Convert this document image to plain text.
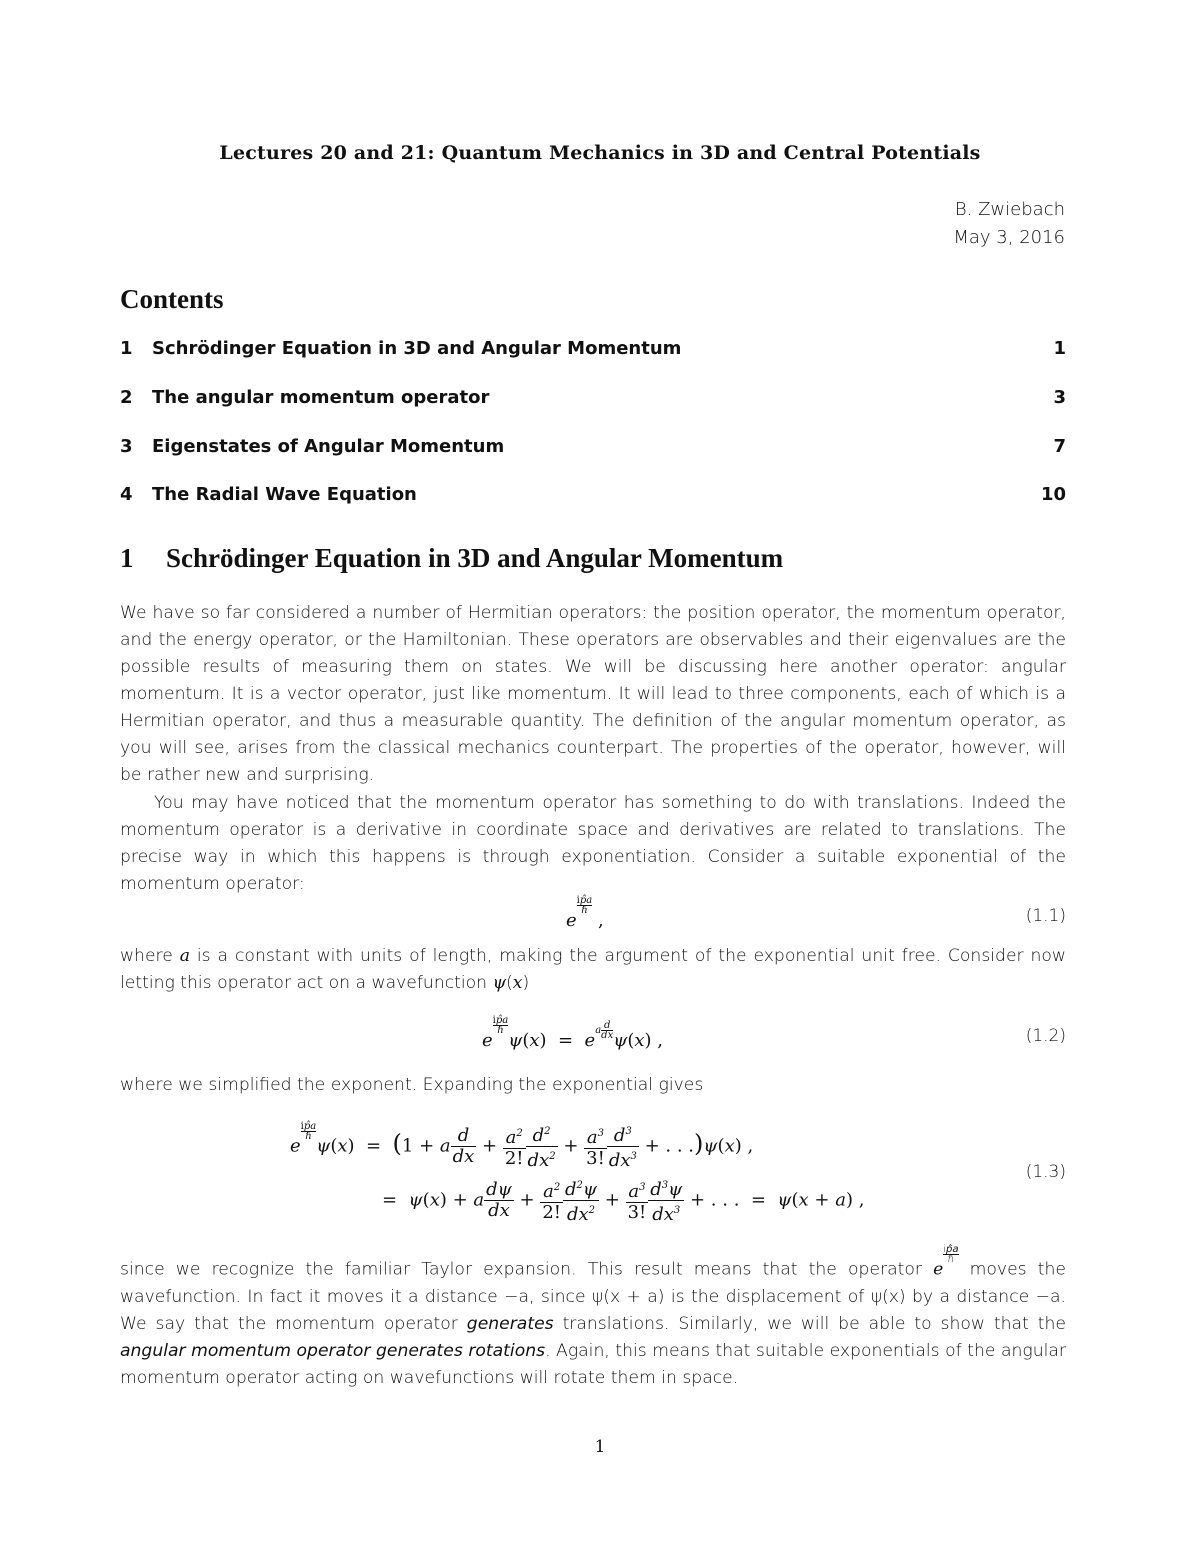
Lectures 20 and 21: Quantum Mechanics in 3D and Central Potentials
B. Zwiebach
May 3, 2016
Contents
1	Schrödinger Equation in 3D and Angular Momentum	1
2	The angular momentum operator	3
3	Eigenstates of Angular Momentum	7
4	The Radial Wave Equation	10
1 Schrödinger Equation in 3D and Angular Momentum
We have so far considered a number of Hermitian operators: the position operator, the momentum operator, and the energy operator, or the Hamiltonian. These operators are observables and their eigenvalues are the possible results of measuring them on states. We will be discussing here another operator: angular momentum. It is a vector operator, just like momentum. It will lead to three components, each of which is a Hermitian operator, and thus a measurable quantity. The definition of the angular momentum operator, as you will see, arises from the classical mechanics counterpart. The properties of the operator, however, will be rather new and surprising.
You may have noticed that the momentum operator has something to do with translations. Indeed the momentum operator is a derivative in coordinate space and derivatives are related to translations. The precise way in which this happens is through exponentiation. Consider a suitable exponential of the momentum operator:
e
$^{ip̂a \hbar}$ ,	(1.1)
where a is a constant with units of length, making the argument of the exponential unit free. Consider now letting this operator act on a wavefunction ψ(x)
e
$^{ip̂a \hbar}$ $\psi(x) = e^{a \frac{d}{dx}}$ ψ(x) ,	(1.2)
where we simplified the exponent. Expanding the exponential gives
e
$^{ip̂a \hbar}$ ψ(x)  =  (1 + a $\frac{d}{dx} + \frac{a^2}{2!} \frac{d^2}{dx^2} + \frac{a^3}{3!} \frac{d^3}{dx^3}$ + . . .)ψ(x) ,
=  ψ(x) + a $\frac{d\psi}{dx} + \frac{a^2}{2!} \frac{d^2\psi}{dx^2} + \frac{a^3}{3!} \frac{d^3\psi}{dx^3}$ + . . .  =  ψ(x + a) ,
(1.3)
since we recognize the familiar Taylor expansion. This result means that the operator e
$^{ip̂a \hbar}$
moves the wavefunction. In fact it moves it a distance −a, since ψ(x + a) is the displacement of ψ(x) by a distance −a. We say that the momentum operator generates translations. Similarly, we will be able to show that the angular momentum operator generates rotations. Again, this means that suitable exponentials of the angular momentum operator acting on wavefunctions will rotate them in space.
1
